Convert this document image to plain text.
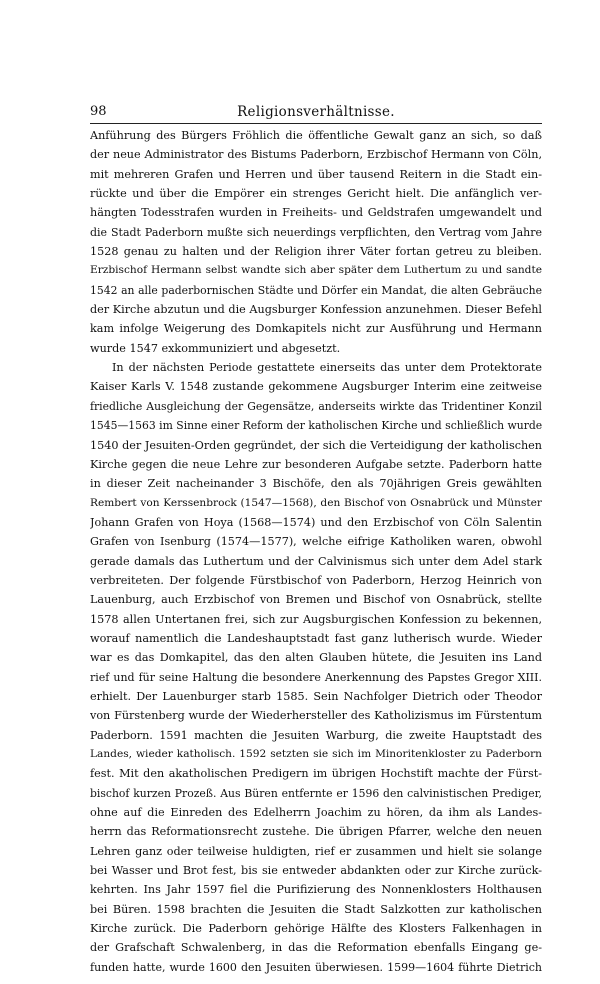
98	Religionsverhältnisse.
Anführung des Bürgers Fröhlich die öffentliche Gewalt ganz an sich, so daß
der neue Administrator des Bistums Paderborn, Erzbischof Hermann von Cöln,
mit mehreren Grafen und Herren und über tausend Reitern in die Stadt ein-
rückte und über die Empörer ein strenges Gericht hielt. Die anfänglich ver-
hängten Todesstrafen wurden in Freiheits- und Geldstrafen umgewandelt und
die Stadt Paderborn mußte sich neuerdings verpflichten, den Vertrag vom Jahre
1528 genau zu halten und der Religion ihrer Väter fortan getreu zu bleiben.
Erzbischof Hermann selbst wandte sich aber später dem Luthertum zu und sandte
1542 an alle paderbornischen Städte und Dörfer ein Mandat, die alten Gebräuche
der Kirche abzutun und die Augsburger Konfession anzunehmen. Dieser Befehl
kam infolge Weigerung des Domkapitels nicht zur Ausführung und Hermann
wurde 1547 exkommuniziert und abgesetzt.
In der nächsten Periode gestattete einerseits das unter dem Protektorate
Kaiser Karls V. 1548 zustande gekommene Augsburger Interim eine zeitweise
friedliche Ausgleichung der Gegensätze, anderseits wirkte das Tridentiner Konzil
1545—1563 im Sinne einer Reform der katholischen Kirche und schließlich wurde
1540 der Jesuiten-Orden gegründet, der sich die Verteidigung der katholischen
Kirche gegen die neue Lehre zur besonderen Aufgabe setzte. Paderborn hatte
in dieser Zeit nacheinander 3 Bischöfe, den als 70jährigen Greis gewählten
Rembert von Kerssenbrock (1547—1568), den Bischof von Osnabrück und Münster
Johann Grafen von Hoya (1568—1574) und den Erzbischof von Cöln Salentin
Grafen von Isenburg (1574—1577), welche eifrige Katholiken waren, obwohl
gerade damals das Luthertum und der Calvinismus sich unter dem Adel stark
verbreiteten. Der folgende Fürstbischof von Paderborn, Herzog Heinrich von
Lauenburg, auch Erzbischof von Bremen und Bischof von Osnabrück, stellte
1578 allen Untertanen frei, sich zur Augsburgischen Konfession zu bekennen,
worauf namentlich die Landeshauptstadt fast ganz lutherisch wurde. Wieder
war es das Domkapitel, das den alten Glauben hütete, die Jesuiten ins Land
rief und für seine Haltung die besondere Anerkennung des Papstes Gregor XIII.
erhielt. Der Lauenburger starb 1585. Sein Nachfolger Dietrich oder Theodor
von Fürstenberg wurde der Wiederhersteller des Katholizismus im Fürstentum
Paderborn. 1591 machten die Jesuiten Warburg, die zweite Hauptstadt des
Landes, wieder katholisch. 1592 setzten sie sich im Minoritenkloster zu Paderborn
fest. Mit den akatholischen Predigern im übrigen Hochstift machte der Fürst-
bischof kurzen Prozeß. Aus Büren entfernte er 1596 den calvinistischen Prediger,
ohne auf die Einreden des Edelherrn Joachim zu hören, da ihm als Landes-
herrn das Reformationsrecht zustehe. Die übrigen Pfarrer, welche den neuen
Lehren ganz oder teilweise huldigten, rief er zusammen und hielt sie solange
bei Wasser und Brot fest, bis sie entweder abdankten oder zur Kirche zurück-
kehrten. Ins Jahr 1597 fiel die Purifizierung des Nonnenklosters Holthausen
bei Büren. 1598 brachten die Jesuiten die Stadt Salzkotten zur katholischen
Kirche zurück. Die Paderborn gehörige Hälfte des Klosters Falkenhagen in
der Grafschaft Schwalenberg, in das die Reformation ebenfalls Eingang ge-
funden hatte, wurde 1600 den Jesuiten überwiesen. 1599—1604 führte Dietrich
